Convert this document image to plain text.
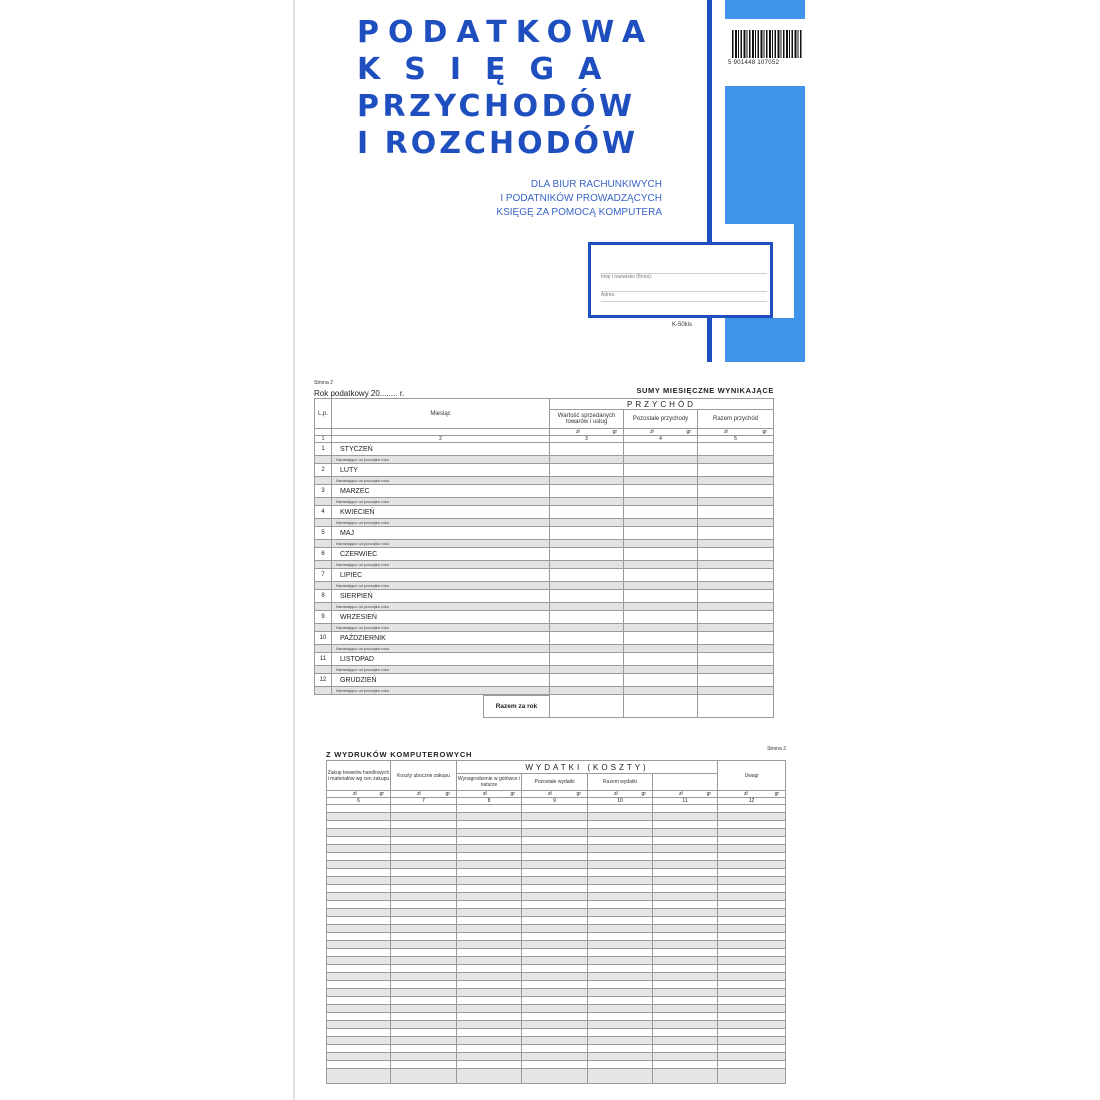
PODATKOWA
KSIĘGA
PRZYCHODÓW
I ROZCHODÓW
DLA BIUR RACHUNKIWYCH
I PODATNIKÓW PROWADZĄCYCH
KSIĘGĘ ZA POMOCĄ KOMPUTERA
5 901448 107052
Imię i nazwisko (firma):
Adres:
K-50kis
Strona 2
Rok podatkowy 20........ r.	SUMY MIESIĘCZNE WYNIKAJĄCE
L.p.	Miesiąc	PRZYCHÓD		
		Wartość sprzedanych towarów i usług	Pozostałe przychody	Razem przychód

		zł gr	zł gr	zł gr

1	2	3	4	5
1	STYCZEŃ			
	Narastająco od początku roku			
2	LUTY			
	Narastająco od początku roku			
3	MARZEC			
	Narastająco od początku roku			
4	KWIECIEŃ			
	Narastająco od początku roku			
5	MAJ			
	Narastająco od początku roku			
6	CZERWIEC			
	Narastająco od początku roku			
7	LIPIEC			
	Narastająco od początku roku			
8	SIERPIEŃ			
	Narastająco od początku roku			
9	WRZESIEŃ			
	Narastająco od początku roku			
10	PAŹDZIERNIK			
	Narastająco od początku roku			
11	LISTOPAD			
	Narastająco od początku roku			
12	GRUDZIEŃ			
	Narastająco od początku roku			

Razem za rok				

Z WYDRUKÓW KOMPUTEROWYCH
Strona 2
Zakup towarów handlowych i materiałów wg cen zakupu	Koszty uboczne zakupu	WYDATKI (KOSZTY)				Uwagi
		Wynagrodzenie w gotówce i naturze	Pozostałe wydatki	Razem wydatki		

zł gr	zł gr	zł gr	zł gr	zł gr	zł gr	zł gr

6	7	8	9	10	11	12
